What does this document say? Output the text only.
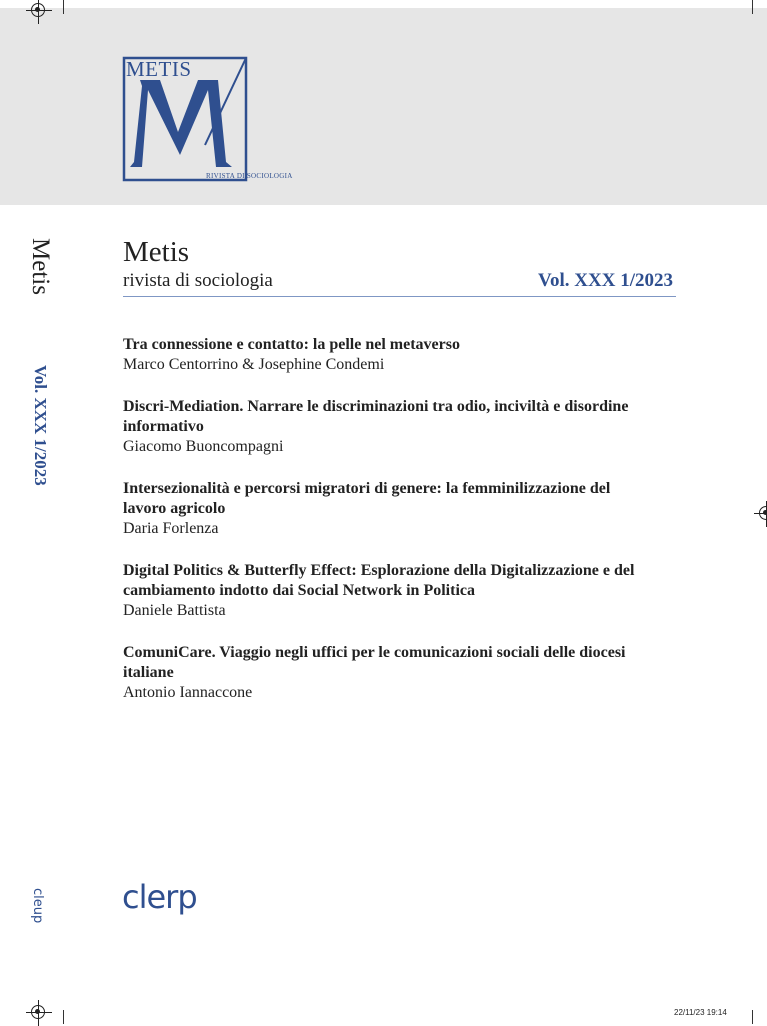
METIS
RIVISTA DI SOCIOLOGIA
Metis
Vol. XXX 1/2023
cleup
Metis
rivista di sociologia	Vol. XXX 1/2023
Tra connessione e contatto: la pelle nel metaverso
Marco Centorrino & Josephine Condemi
Discri-Mediation. Narrare le discriminazioni tra odio, inciviltà e disordine informativo
Giacomo Buoncompagni
Intersezionalità e percorsi migratori di genere: la femminilizzazione del lavoro agricolo
Daria Forlenza
Digital Politics & Butterfly Effect: Esplorazione della Digitalizzazione e del cambiamento indotto dai Social Network in Politica
Daniele Battista
ComuniCare. Viaggio negli uffici per le comunicazioni sociali delle diocesi italiane
Antonio Iannaccone
clerp
22/11/23 19:14
